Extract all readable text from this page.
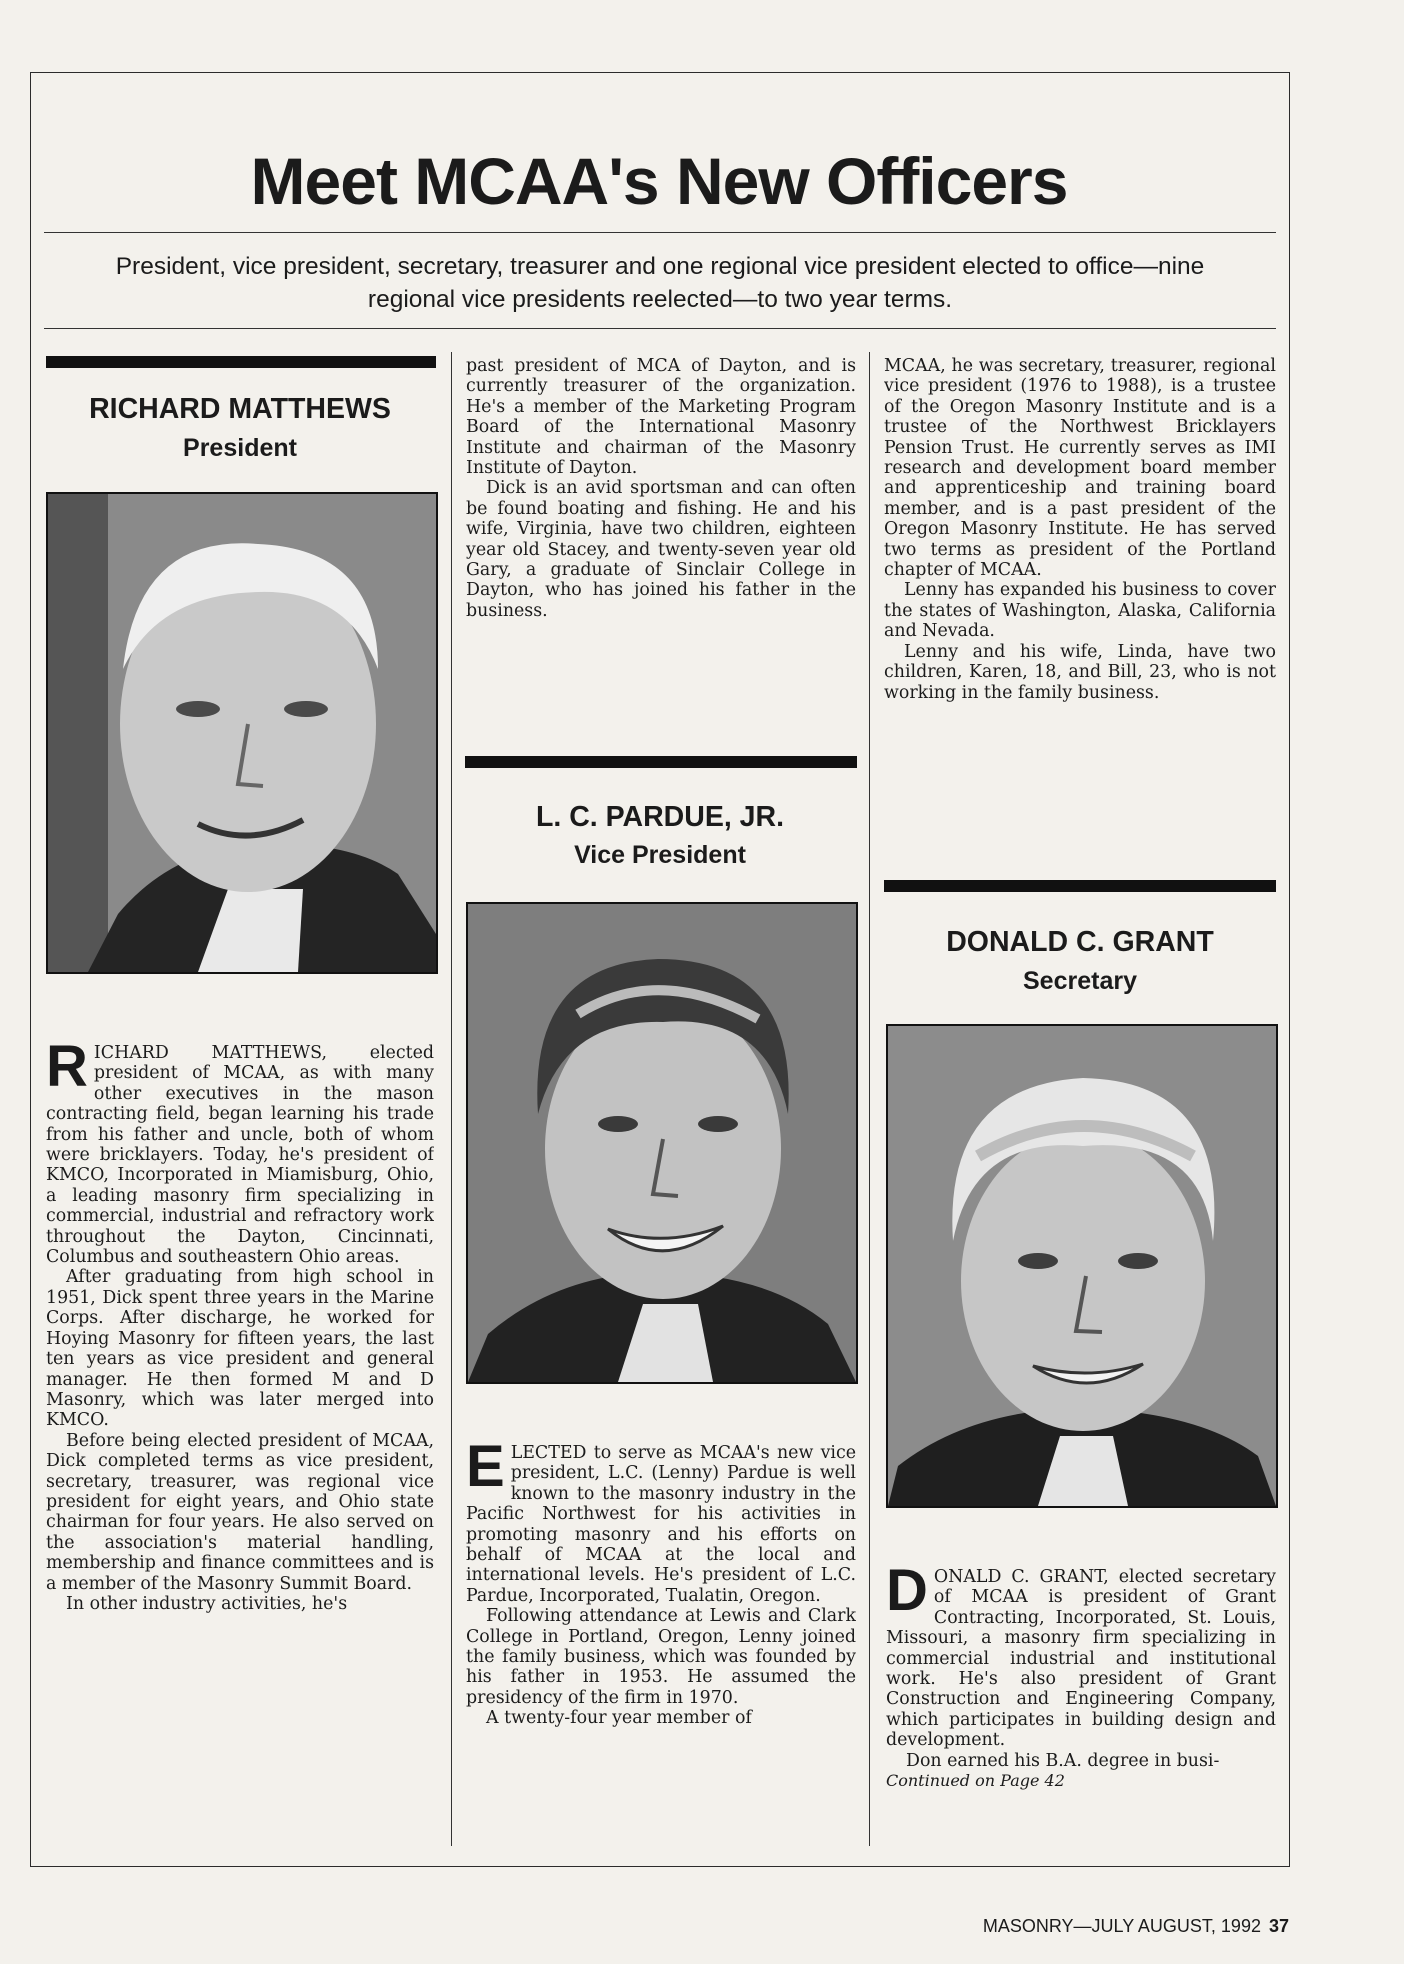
Meet MCAA's New Officers

President, vice president, secretary, treasurer and one regional vice president elected to office—nine regional vice presidents reelected—to two year terms.

RICHARD MATTHEWS
President

RICHARD MATTHEWS, elected president of MCAA, as with many other executives in the mason contracting field, began learning his trade from his father and uncle, both of whom were bricklayers. Today, he's president of KMCO, Incorporated in Miamisburg, Ohio, a leading masonry firm specializing in commercial, industrial and refractory work throughout the Dayton, Cincinnati, Columbus and southeastern Ohio areas.

After graduating from high school in 1951, Dick spent three years in the Marine Corps. After discharge, he worked for Hoying Masonry for fifteen years, the last ten years as vice president and general manager. He then formed M and D Masonry, which was later merged into KMCO.

Before being elected president of MCAA, Dick completed terms as vice president, secretary, treasurer, was regional vice president for eight years, and Ohio state chairman for four years. He also served on the association's material handling, membership and finance committees and is a member of the Masonry Summit Board.

In other industry activities, he's

past president of MCA of Dayton, and is currently treasurer of the organization. He's a member of the Marketing Program Board of the International Masonry Institute and chairman of the Masonry Institute of Dayton.

Dick is an avid sportsman and can often be found boating and fishing. He and his wife, Virginia, have two children, eighteen year old Stacey, and twenty-seven year old Gary, a graduate of Sinclair College in Dayton, who has joined his father in the business.

L. C. PARDUE, JR.
Vice President

ELECTED to serve as MCAA's new vice president, L.C. (Lenny) Pardue is well known to the masonry industry in the Pacific Northwest for his activities in promoting masonry and his efforts on behalf of MCAA at the local and international levels. He's president of L.C. Pardue, Incorporated, Tualatin, Oregon.

Following attendance at Lewis and Clark College in Portland, Oregon, Lenny joined the family business, which was founded by his father in 1953. He assumed the presidency of the firm in 1970.

A twenty-four year member of

MCAA, he was secretary, treasurer, regional vice president (1976 to 1988), is a trustee of the Oregon Masonry Institute and is a trustee of the Northwest Bricklayers Pension Trust. He currently serves as IMI research and development board member and apprenticeship and training board member, and is a past president of the Oregon Masonry Institute. He has served two terms as president of the Portland chapter of MCAA.

Lenny has expanded his business to cover the states of Washington, Alaska, California and Nevada.

Lenny and his wife, Linda, have two children, Karen, 18, and Bill, 23, who is not working in the family business.

DONALD C. GRANT
Secretary

DONALD C. GRANT, elected secretary of MCAA is president of Grant Contracting, Incorporated, St. Louis, Missouri, a masonry firm specializing in commercial industrial and institutional work. He's also president of Grant Construction and Engineering Company, which participates in building design and development.

Don earned his B.A. degree in busi-

Continued on Page 42

MASONRY—JULY AUGUST, 1992 37
